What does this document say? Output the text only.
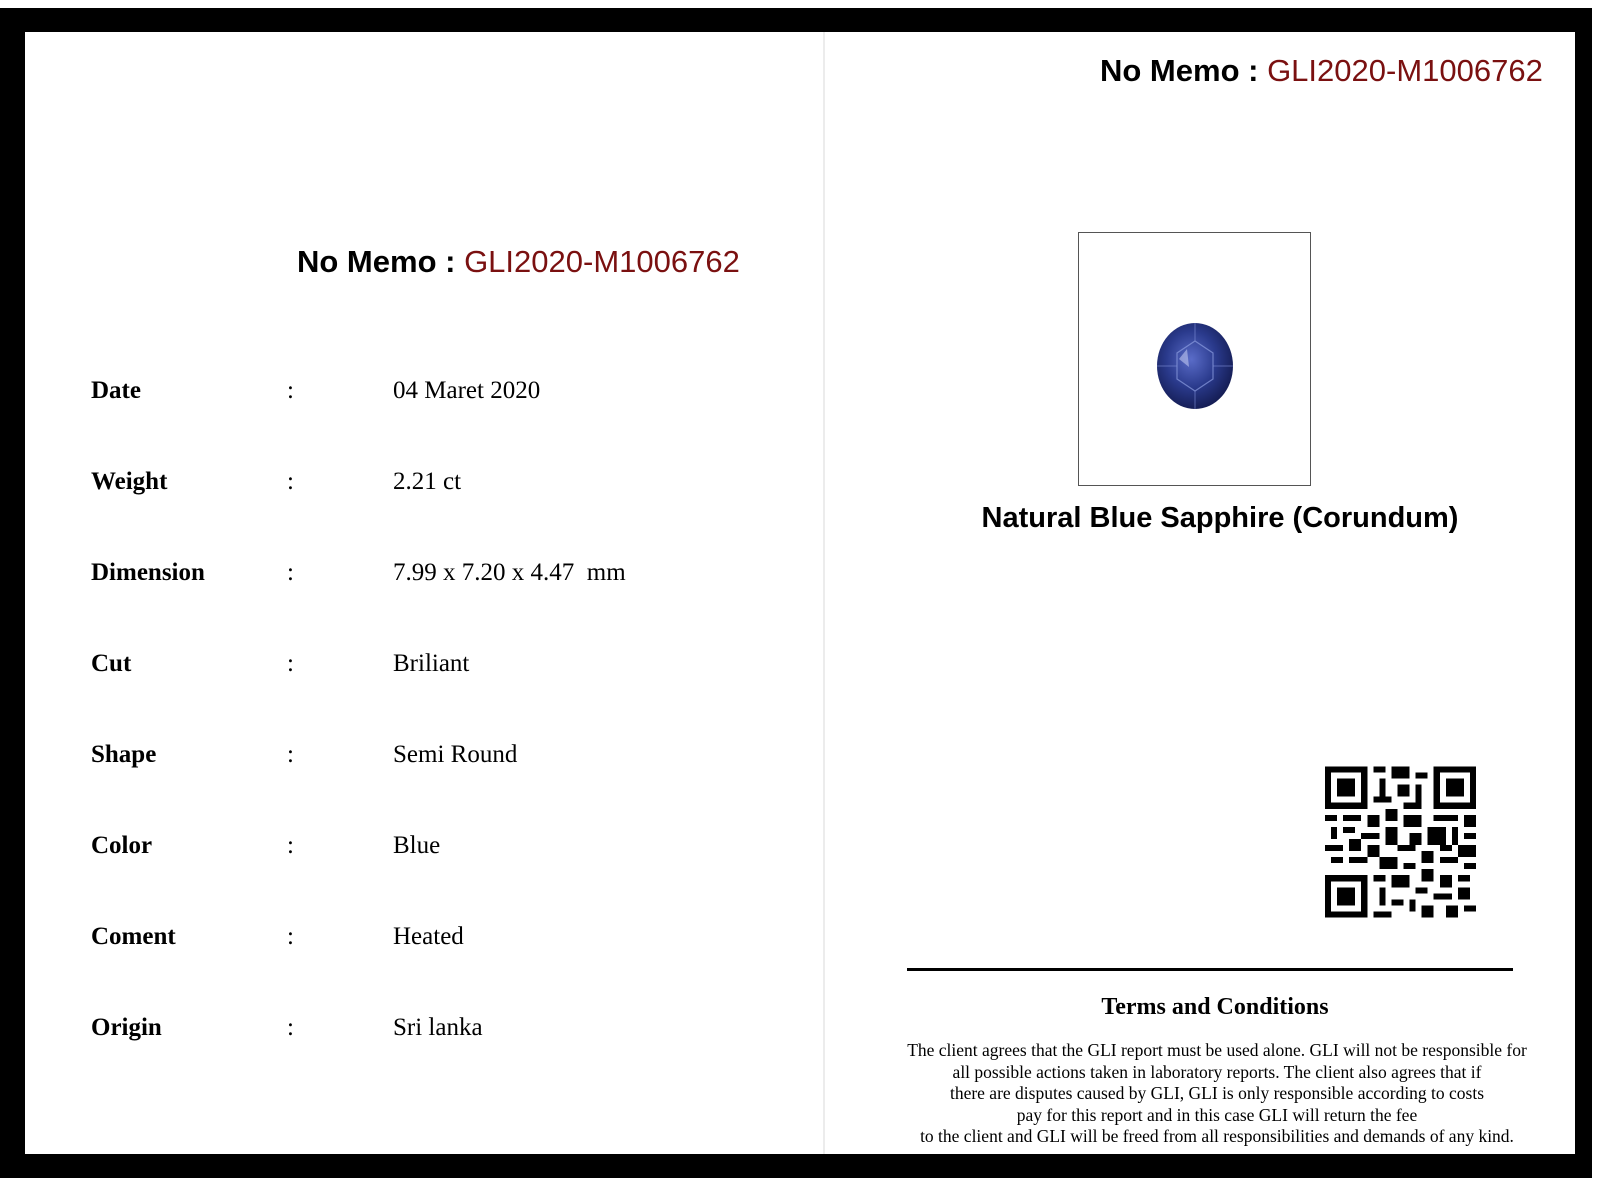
No Memo : GLI2020-M1006762
Date	:	04 Maret 2020
Weight	:	2.21 ct
Dimension	:	7.99 x 7.20 x 4.47  mm
Cut	:	Briliant
Shape	:	Semi Round
Color	:	Blue
Coment	:	Heated
Origin	:	Sri lanka
No Memo : GLI2020-M1006762
Natural Blue Sapphire (Corundum)
Terms and Conditions
The client agrees that the GLI report must be used alone. GLI will not be responsible for
all possible actions taken in laboratory reports. The client also agrees that if
there are disputes caused by GLI, GLI is only responsible according to costs
pay for this report and in this case GLI will return the fee
to the client and GLI will be freed from all responsibilities and demands of any kind.
